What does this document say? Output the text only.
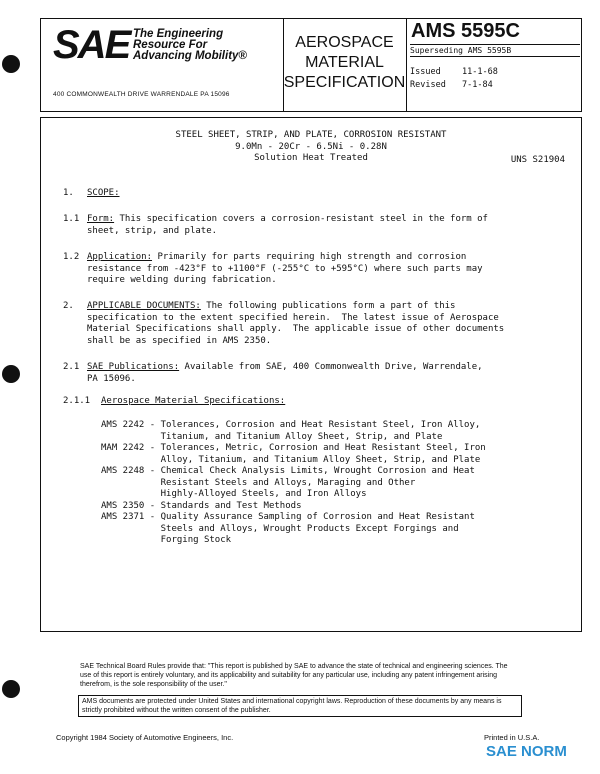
SAE The Engineering
Resource For
Advancing Mobility®
400 COMMONWEALTH DRIVE WARRENDALE PA 15096
AEROSPACE
MATERIAL
SPECIFICATION
AMS 5595C
Superseding AMS 5595B
Issued	11-1-68
Revised	7-1-84
STEEL SHEET, STRIP, AND PLATE, CORROSION RESISTANT
9.0Mn - 20Cr - 6.5Ni - 0.28N
Solution Heat Treated	UNS S21904
1. SCOPE:
1.1 Form: This specification covers a corrosion-resistant steel in the form of
sheet, strip, and plate.
1.2 Application: Primarily for parts requiring high strength and corrosion
resistance from -423°F to +1100°F (-255°C to +595°C) where such parts may
require welding during fabrication.
2. APPLICABLE DOCUMENTS: The following publications form a part of this
specification to the extent specified herein.  The latest issue of Aerospace
Material Specifications shall apply.  The applicable issue of other documents
shall be as specified in AMS 2350.
2.1 SAE Publications: Available from SAE, 400 Commonwealth Drive, Warrendale,
PA 15096.
2.1.1 Aerospace Material Specifications:
AMS 2242 - Tolerances, Corrosion and Heat Resistant Steel, Iron Alloy,
Titanium, and Titanium Alloy Sheet, Strip, and Plate
MAM 2242 - Tolerances, Metric, Corrosion and Heat Resistant Steel, Iron
Alloy, Titanium, and Titanium Alloy Sheet, Strip, and Plate
AMS 2248 - Chemical Check Analysis Limits, Wrought Corrosion and Heat
Resistant Steels and Alloys, Maraging and Other
Highly-Alloyed Steels, and Iron Alloys
AMS 2350 - Standards and Test Methods
AMS 2371 - Quality Assurance Sampling of Corrosion and Heat Resistant
Steels and Alloys, Wrought Products Except Forgings and
Forging Stock
SAE Technical Board Rules provide that: "This report is published by SAE to advance the state of technical and engineering sciences. The use of this report is entirely voluntary, and its applicability and suitability for any particular use, including any patent infringement arising therefrom, is the sole responsibility of the user."
AMS documents are protected under United States and international copyright laws. Reproduction of these documents by any means is strictly prohibited without the written consent of the publisher.
Copyright 1984 Society of Automotive Engineers, Inc.	Printed in U.S.A.
SAE NORM
